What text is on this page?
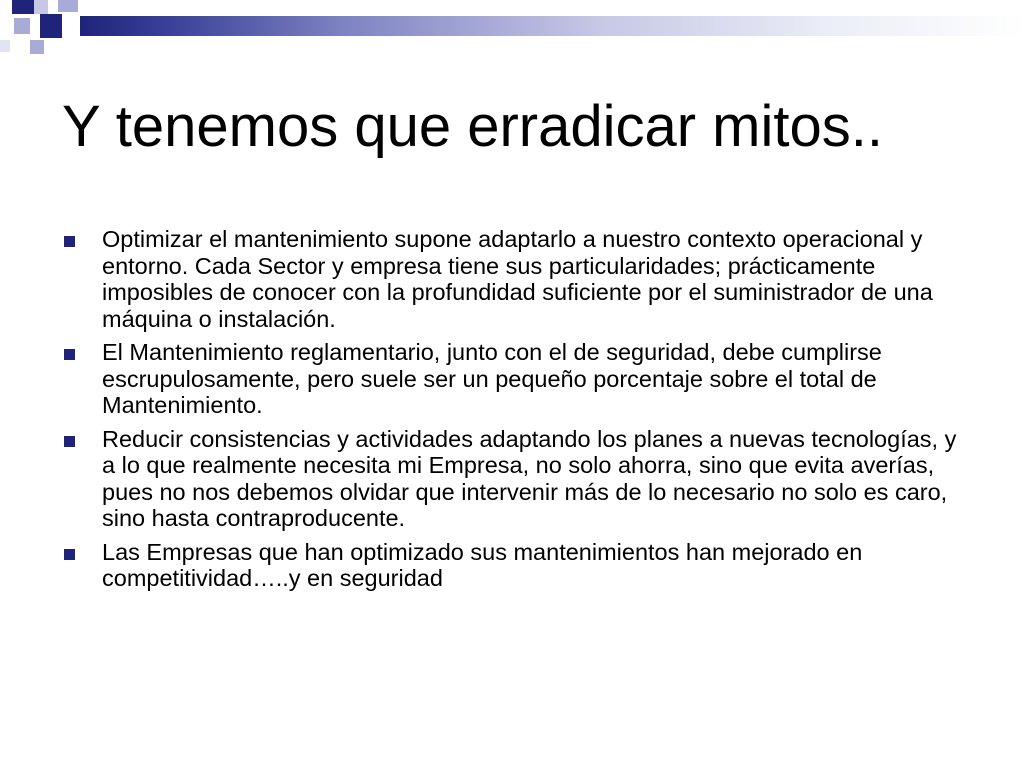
Y tenemos que erradicar mitos..
Optimizar el mantenimiento supone adaptarlo a nuestro contexto operacional y entorno. Cada Sector y empresa tiene sus particularidades; prácticamente imposibles de conocer con la profundidad suficiente por el suministrador de una máquina o instalación.
El Mantenimiento reglamentario, junto con el de seguridad, debe cumplirse escrupulosamente, pero suele ser un pequeño porcentaje sobre el total de Mantenimiento.
Reducir consistencias y actividades adaptando los planes a nuevas tecnologías, y a lo que realmente necesita mi Empresa, no solo ahorra, sino que evita averías, pues no nos debemos olvidar que intervenir más de lo necesario no solo es caro, sino hasta contraproducente.
Las Empresas que han optimizado sus mantenimientos han mejorado en competitividad…..y en seguridad
